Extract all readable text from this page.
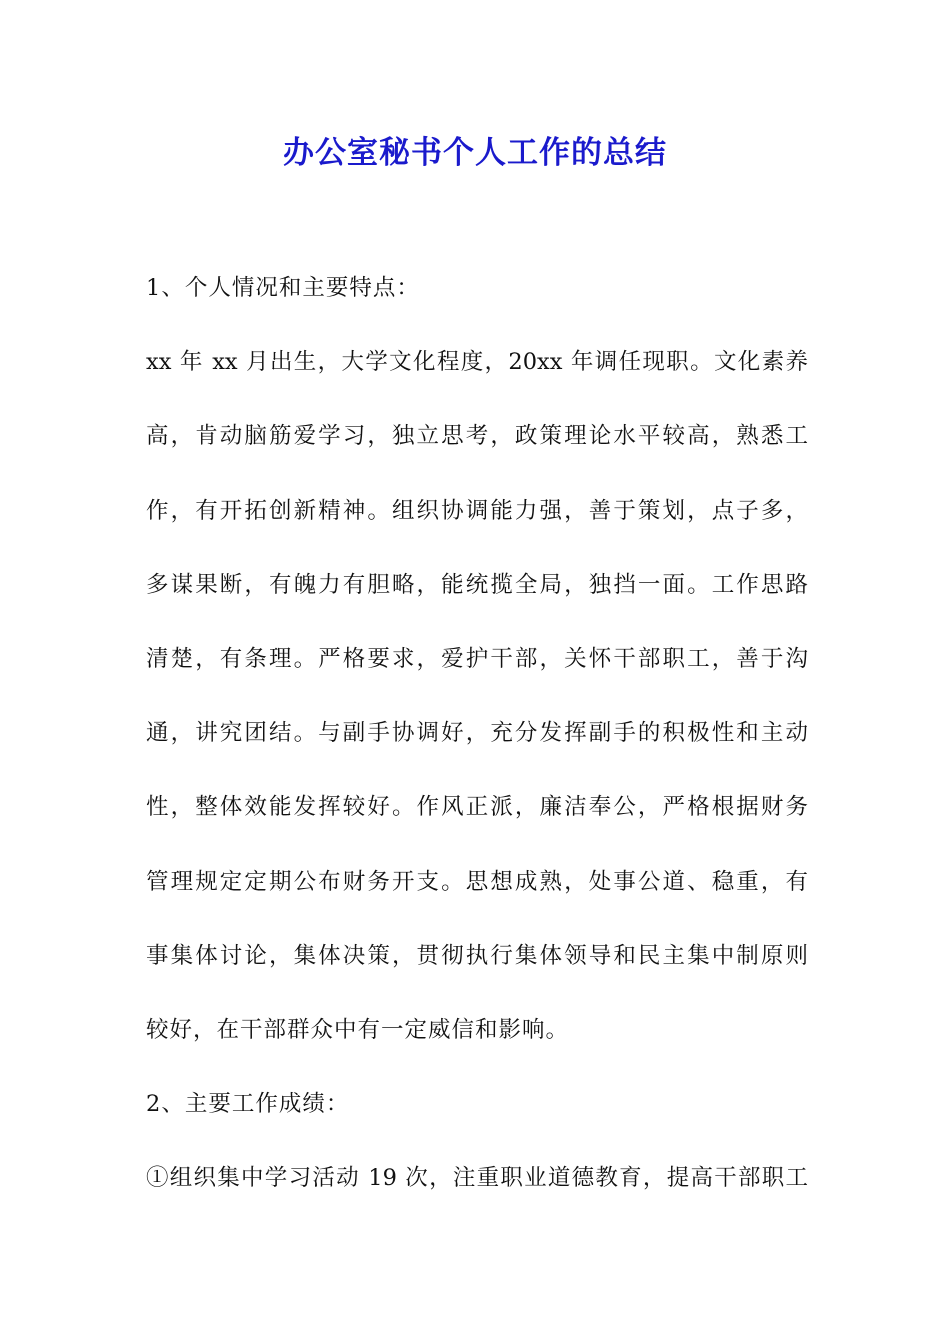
办公室秘书个人工作的总结
1、个人情况和主要特点：
xx 年 xx 月出生，大学文化程度，20xx 年调任现职。文化素养
高，肯动脑筋爱学习，独立思考，政策理论水平较高，熟悉工
作，有开拓创新精神。组织协调能力强，善于策划，点子多，
多谋果断，有魄力有胆略，能统揽全局，独挡一面。工作思路
清楚，有条理。严格要求，爱护干部，关怀干部职工，善于沟
通，讲究团结。与副手协调好，充分发挥副手的积极性和主动
性，整体效能发挥较好。作风正派，廉洁奉公，严格根据财务
管理规定定期公布财务开支。思想成熟，处事公道、稳重，有
事集体讨论，集体决策，贯彻执行集体领导和民主集中制原则
较好，在干部群众中有一定威信和影响。
2、主要工作成绩：
①组织集中学习活动 19 次，注重职业道德教育，提高干部职工
